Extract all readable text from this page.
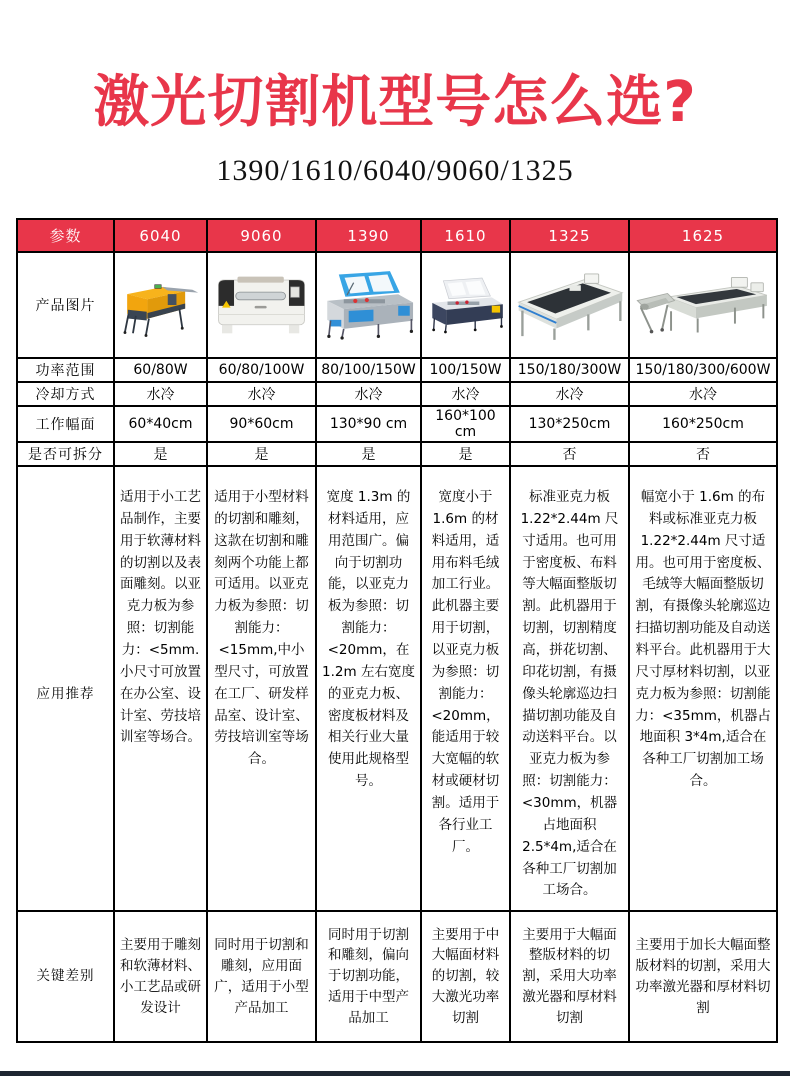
激光切割机型号怎么选?
1390/1610/6040/9060/1325
参数	6040	9060	1390	1610	1325	1625
产品图片	

功率范围	60/80W	60/80/100W	80/100/150W	100/150W	150/180/300W	150/180/300/600W
冷却方式	水冷	水冷	水冷	水冷	水冷	水冷
工作幅面	60*40cm	90*60cm	130*90 cm	160*100 cm	130*250cm	160*250cm
是否可拆分	是	是	是	是	否	否
应用推荐	适用于小工艺品制作，主要用于软薄材料的切割以及表面雕刻。以亚克力板为参照：切割能力：<5mm.小尺寸可放置在办公室、设计室、劳技培训室等场合。	适用于小型材料的切割和雕刻，这款在切割和雕刻两个功能上都可适用。以亚克力板为参照：切割能力：<15mm,中小型尺寸，可放置在工厂、研发样品室、设计室、劳技培训室等场合。	宽度 1.3m 的材料适用，应用范围广。偏向于切割功能，以亚克力板为参照：切割能力：<20mm，在 1.2m 左右宽度的亚克力板、密度板材料及相关行业大量使用此规格型号。	宽度小于1.6m 的材料适用，适用布料毛绒加工行业。此机器主要用于切割，以亚克力板为参照：切割能力：<20mm，能适用于较大宽幅的软材或硬材切割。适用于各行业工厂。	标准亚克力板1.22*2.44m 尺寸适用。也可用于密度板、布料等大幅面整版切割。此机器用于切割，切割精度高，拼花切割、印花切割，有摄像头轮廓巡边扫描切割功能及自动送料平台。以亚克力板为参照：切割能力：<30mm，机器占地面积 2.5*4m,适合在各种工厂切割加工场合。	幅宽小于 1.6m 的布料或标准亚克力板 1.22*2.44m 尺寸适用。也可用于密度板、毛绒等大幅面整版切割，有摄像头轮廓巡边扫描切割功能及自动送料平台。此机器用于大尺寸厚材料切割，以亚克力板为参照：切割能力：<35mm，机器占地面积 3*4m,适合在各种工厂切割加工场合。
关键差别	主要用于雕刻和软薄材料、小工艺品或研发设计	同时用于切割和雕刻，应用面广，适用于小型产品加工	同时用于切割和雕刻，偏向于切割功能，适用于中型产品加工	主要用于中大幅面材料的切割，较大激光功率切割	主要用于大幅面整版材料的切割，采用大功率激光器和厚材料切割	主要用于加长大幅面整版材料的切割，采用大功率激光器和厚材料切割
